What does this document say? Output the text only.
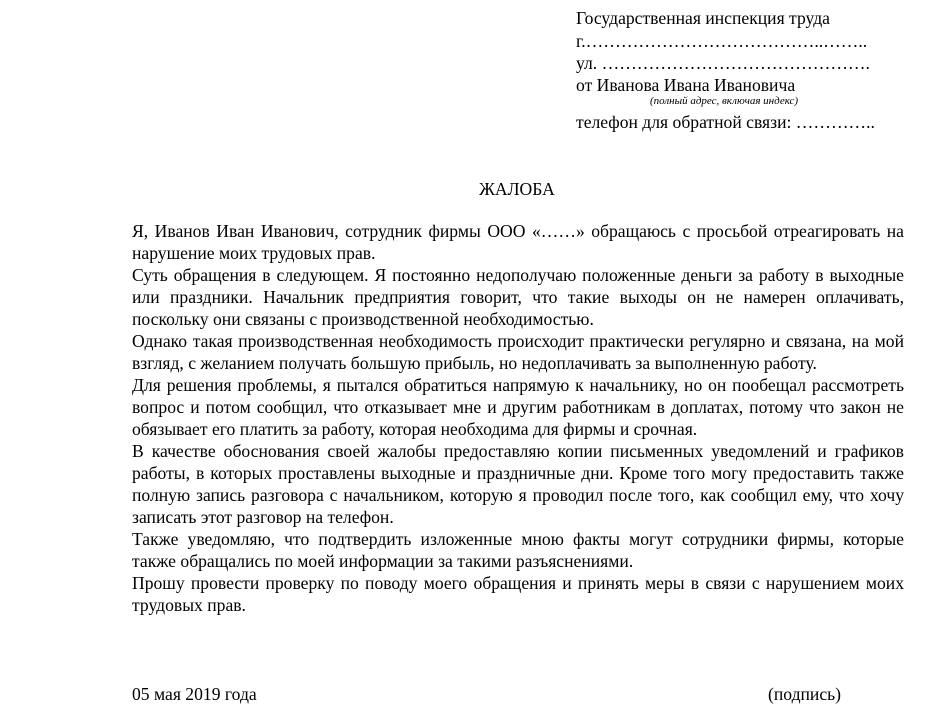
Государственная инспекция труда
г.…………………………………..……..
ул. ……………………………………….
от Иванова Ивана Ивановича
(полный адрес, включая индекс)
телефон для обратной связи: …………..
ЖАЛОБА

Я, Иванов Иван Иванович, сотрудник фирмы ООО «……» обращаюсь с просьбой отреагировать на нарушение моих трудовых прав.

Суть обращения в следующем. Я постоянно недополучаю положенные деньги за работу в выходные или праздники. Начальник предприятия говорит, что такие выходы он не намерен оплачивать, поскольку они связаны с производственной необходимостью.

Однако такая производственная необходимость происходит практически регулярно и связана, на мой взгляд, с желанием получать большую прибыль, но недоплачивать за выполненную работу.

Для решения проблемы, я пытался обратиться напрямую к начальнику, но он пообещал рассмотреть вопрос и потом сообщил, что отказывает мне и другим работникам в доплатах, потому что закон не обязывает его платить за работу, которая необходима для фирмы и срочная.

В качестве обоснования своей жалобы предоставляю копии письменных уведомлений и графиков работы, в которых проставлены выходные и праздничные дни. Кроме того могу предоставить также полную запись разговора с начальником, которую я проводил после того, как сообщил ему, что хочу записать этот разговор на телефон.

Также уведомляю, что подтвердить изложенные мною факты могут сотрудники фирмы, которые также обращались по моей информации за такими разъяснениями.

Прошу провести проверку по поводу моего обращения и принять меры в связи с нарушением моих трудовых прав.

05 мая 2019 года	(подпись)
